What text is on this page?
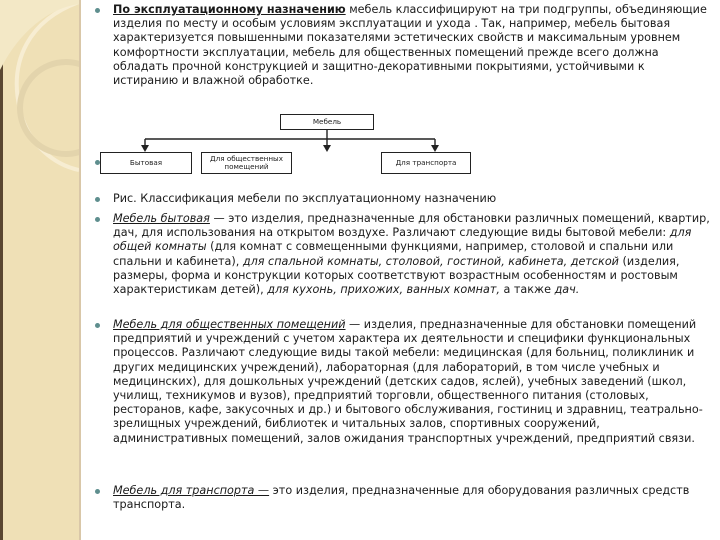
По эксплуатационному назначению мебель классифицируют на три подгруппы, объединяющие изделия по месту и особым условиям эксплуатации и ухода . Так, например, мебель бытовая характеризуется повышенными показателями эстетических свойств и максимальным уровнем комфортности эксплуатации, мебель для общественных помещений прежде всего должна обладать прочной конструкцией и защитно-декоративными покрытиями, устойчивыми к истиранию и влажной обработке.
Рис. Классификация мебели по эксплуатационному назначению
Мебель бытовая — это изделия, предназначенные для обстановки различных помещений, квартир, дач, для использования на открытом воздухе. Различают следующие виды бытовой мебели: для общей комнаты (для комнат с совмещенными функциями, например, столовой и спальни или спальни и кабинета), для спальной комнаты, столовой, гостиной, кабинета, детской (изделия, размеры, форма и конструкции которых соответствуют возрастным особенностям и ростовым характеристикам детей), для кухонь, прихожих, ванных комнат, а также дач.
Мебель для общественных помещений — изделия, предназначенные для обстановки помещений предприятий и учреждений с учетом характера их деятельности и специфики функциональных процессов. Различают следующие виды такой мебели: медицинская (для больниц, поликлиник и других медицинских учреждений), лабораторная (для лабораторий, в том числе учебных и медицинских), для дошкольных учреждений (детских садов, яслей), учебных заведений (школ, училищ, техникумов и вузов), предприятий торговли, общественного питания (столовых, ресторанов, кафе, закусочных и др.) и бытового обслуживания, гостиниц и здравниц, театрально-зрелищных учреждений, библиотек и читальных залов, спортивных сооружений, административных помещений, залов ожидания транспортных учреждений, предприятий связи.
Мебель для транспорта — это изделия, предназначенные для оборудования различных средств транспорта.
Мебель
Бытовая	Для общественных помещений	Для транспорта
